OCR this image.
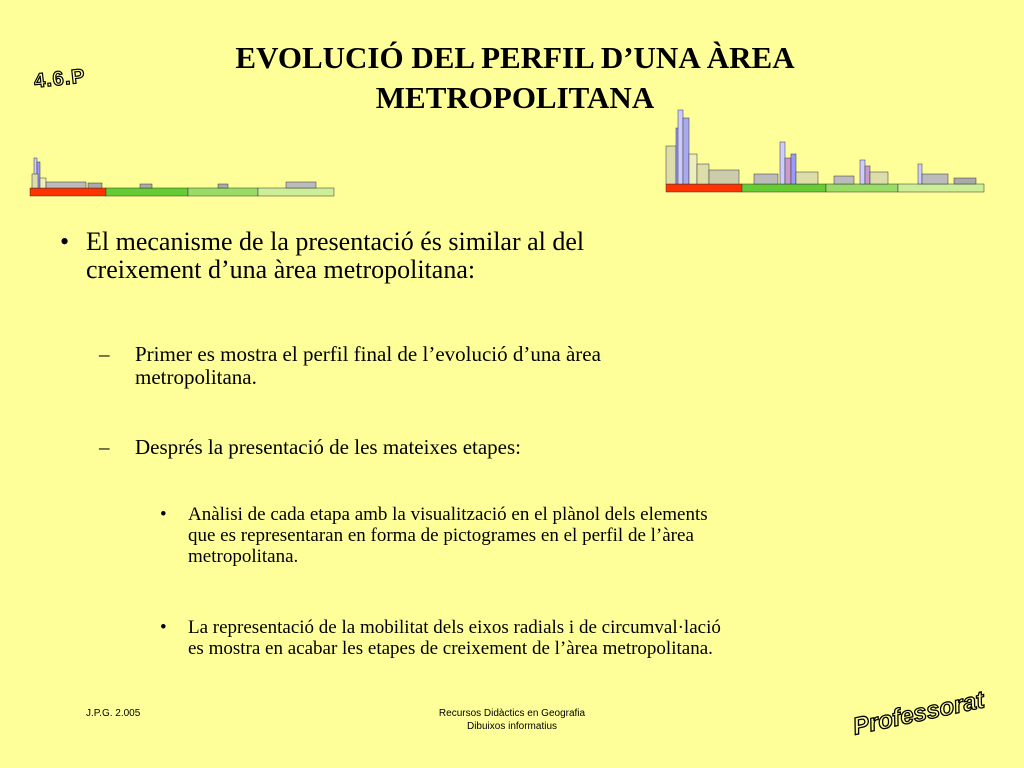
EVOLUCIÓ DEL PERFIL D’UNA ÀREA
METROPOLITANA
4.6.P
• El mecanisme de la presentació és similar al del
creixement d’una àrea metropolitana:
– Primer es mostra el perfil final de l’evolució d’una àrea
metropolitana.
– Després la presentació de les mateixes etapes:
• Anàlisi de cada etapa amb la visualització en el plànol dels elements
que es representaran en forma de pictogrames en el perfil de l’àrea
metropolitana.
• La representació de la mobilitat dels eixos radials i de circumval·lació
es mostra en acabar les etapes de creixement de l’àrea metropolitana.
J.P.G. 2.005	Recursos Didàctics en Geografia
Dibuixos informatius	Professorat
